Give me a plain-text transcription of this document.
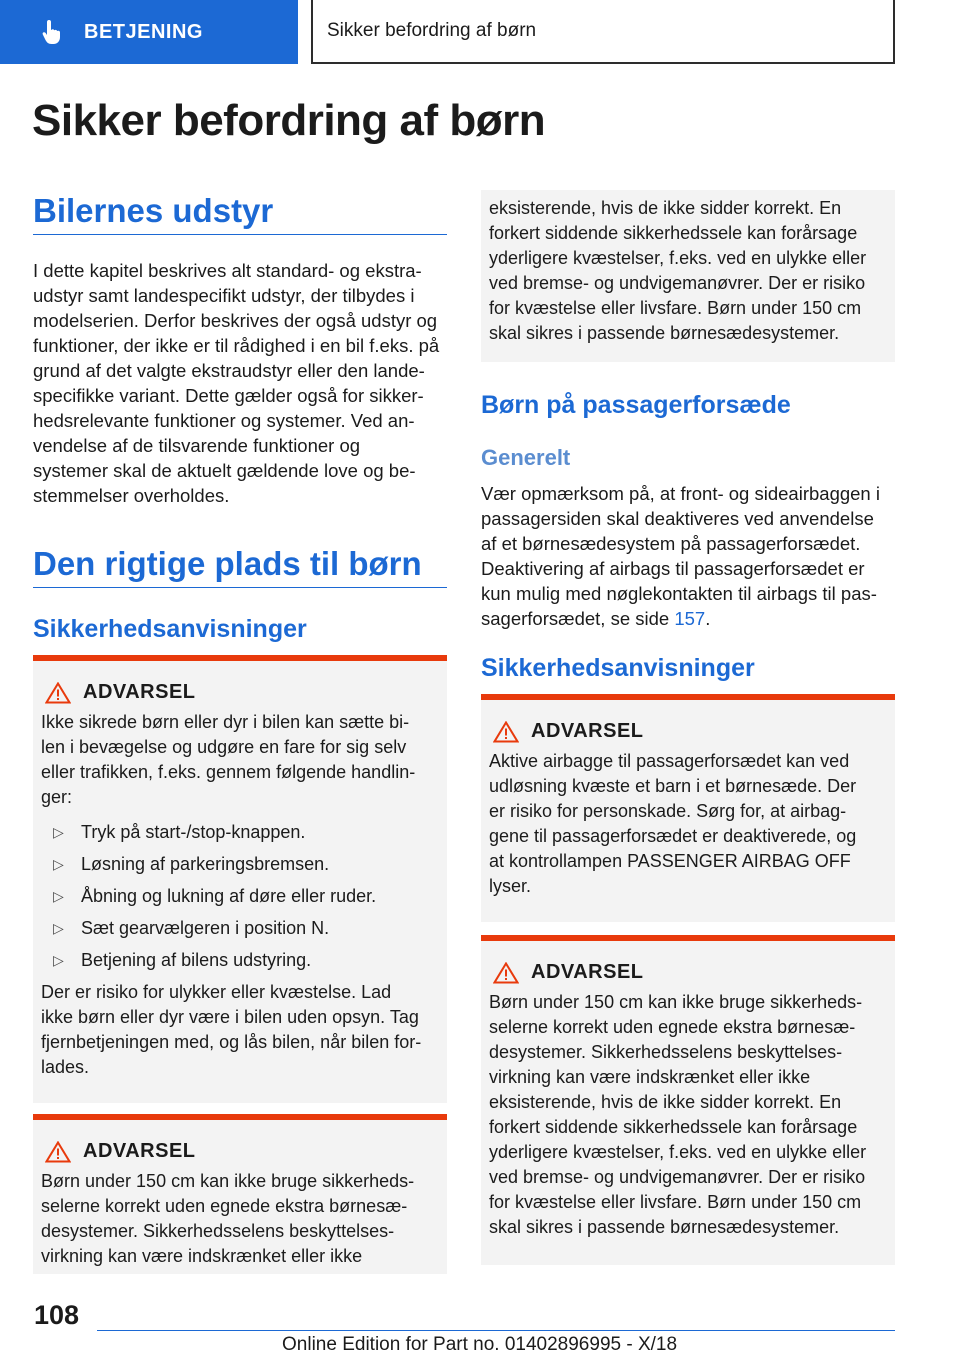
BETJENING	Sikker befordring af børn
Sikker befordring af børn
Bilernes udstyr

I dette kapitel beskrives alt standard- og ekstra-

udstyr samt landespecifikt udstyr, der tilbydes i

modelserien. Derfor beskrives der også udstyr og

funktioner, der ikke er til rådighed i en bil f.eks. på

grund af det valgte ekstraudstyr eller den lande-

specifikke variant. Dette gælder også for sikker-

hedsrelevante funktioner og systemer. Ved an-

vendelse af de tilsvarende funktioner og

systemer skal de aktuelt gældende love og be-

stemmelser overholdes.

Den rigtige plads til børn
Sikkerhedsanvisninger
ADVARSEL
Ikke sikrede børn eller dyr i bilen kan sætte bi-
len i bevægelse og udgøre en fare for sig selv
eller trafikken, f.eks. gennem følgende handlin-
ger:
▷ Tryk på start-/stop-knappen.
▷ Løsning af parkeringsbremsen.
▷ Åbning og lukning af døre eller ruder.
▷ Sæt gearvælgeren i position N.
▷ Betjening af bilens udstyring.
Der er risiko for ulykker eller kvæstelse. Lad
ikke børn eller dyr være i bilen uden opsyn. Tag
fjernbetjeningen med, og lås bilen, når bilen for-
lades.
ADVARSEL
Børn under 150 cm kan ikke bruge sikkerheds-
selerne korrekt uden egnede ekstra børnesæ-
desystemer. Sikkerhedsselens beskyttelses-
virkning kan være indskrænket eller ikke
eksisterende, hvis de ikke sidder korrekt. En
forkert siddende sikkerhedssele kan forårsage
yderligere kvæstelser, f.eks. ved en ulykke eller
ved bremse- og undvigemanøvrer. Der er risiko
for kvæstelse eller livsfare. Børn under 150 cm
skal sikres i passende børnesædesystemer.
Børn på passagerforsæde
Generelt

Vær opmærksom på, at front- og sideairbaggen i

passagersiden skal deaktiveres ved anvendelse

af et børnesædesystem på passagerforsædet.

Deaktivering af airbags til passagerforsædet er

kun mulig med nøglekontakten til airbags til pas-

sagerforsædet, se side 157.

Sikkerhedsanvisninger
ADVARSEL
Aktive airbagge til passagerforsædet kan ved
udløsning kvæste et barn i et børnesæde. Der
er risiko for personskade. Sørg for, at airbag-
gene til passagerforsædet er deaktiverede, og
at kontrollampen PASSENGER AIRBAG OFF
lyser.
ADVARSEL
Børn under 150 cm kan ikke bruge sikkerheds-
selerne korrekt uden egnede ekstra børnesæ-
desystemer. Sikkerhedsselens beskyttelses-
virkning kan være indskrænket eller ikke
eksisterende, hvis de ikke sidder korrekt. En
forkert siddende sikkerhedssele kan forårsage
yderligere kvæstelser, f.eks. ved en ulykke eller
ved bremse- og undvigemanøvrer. Der er risiko
for kvæstelse eller livsfare. Børn under 150 cm
skal sikres i passende børnesædesystemer.
108
Online Edition for Part no. 01402896995 - X/18
